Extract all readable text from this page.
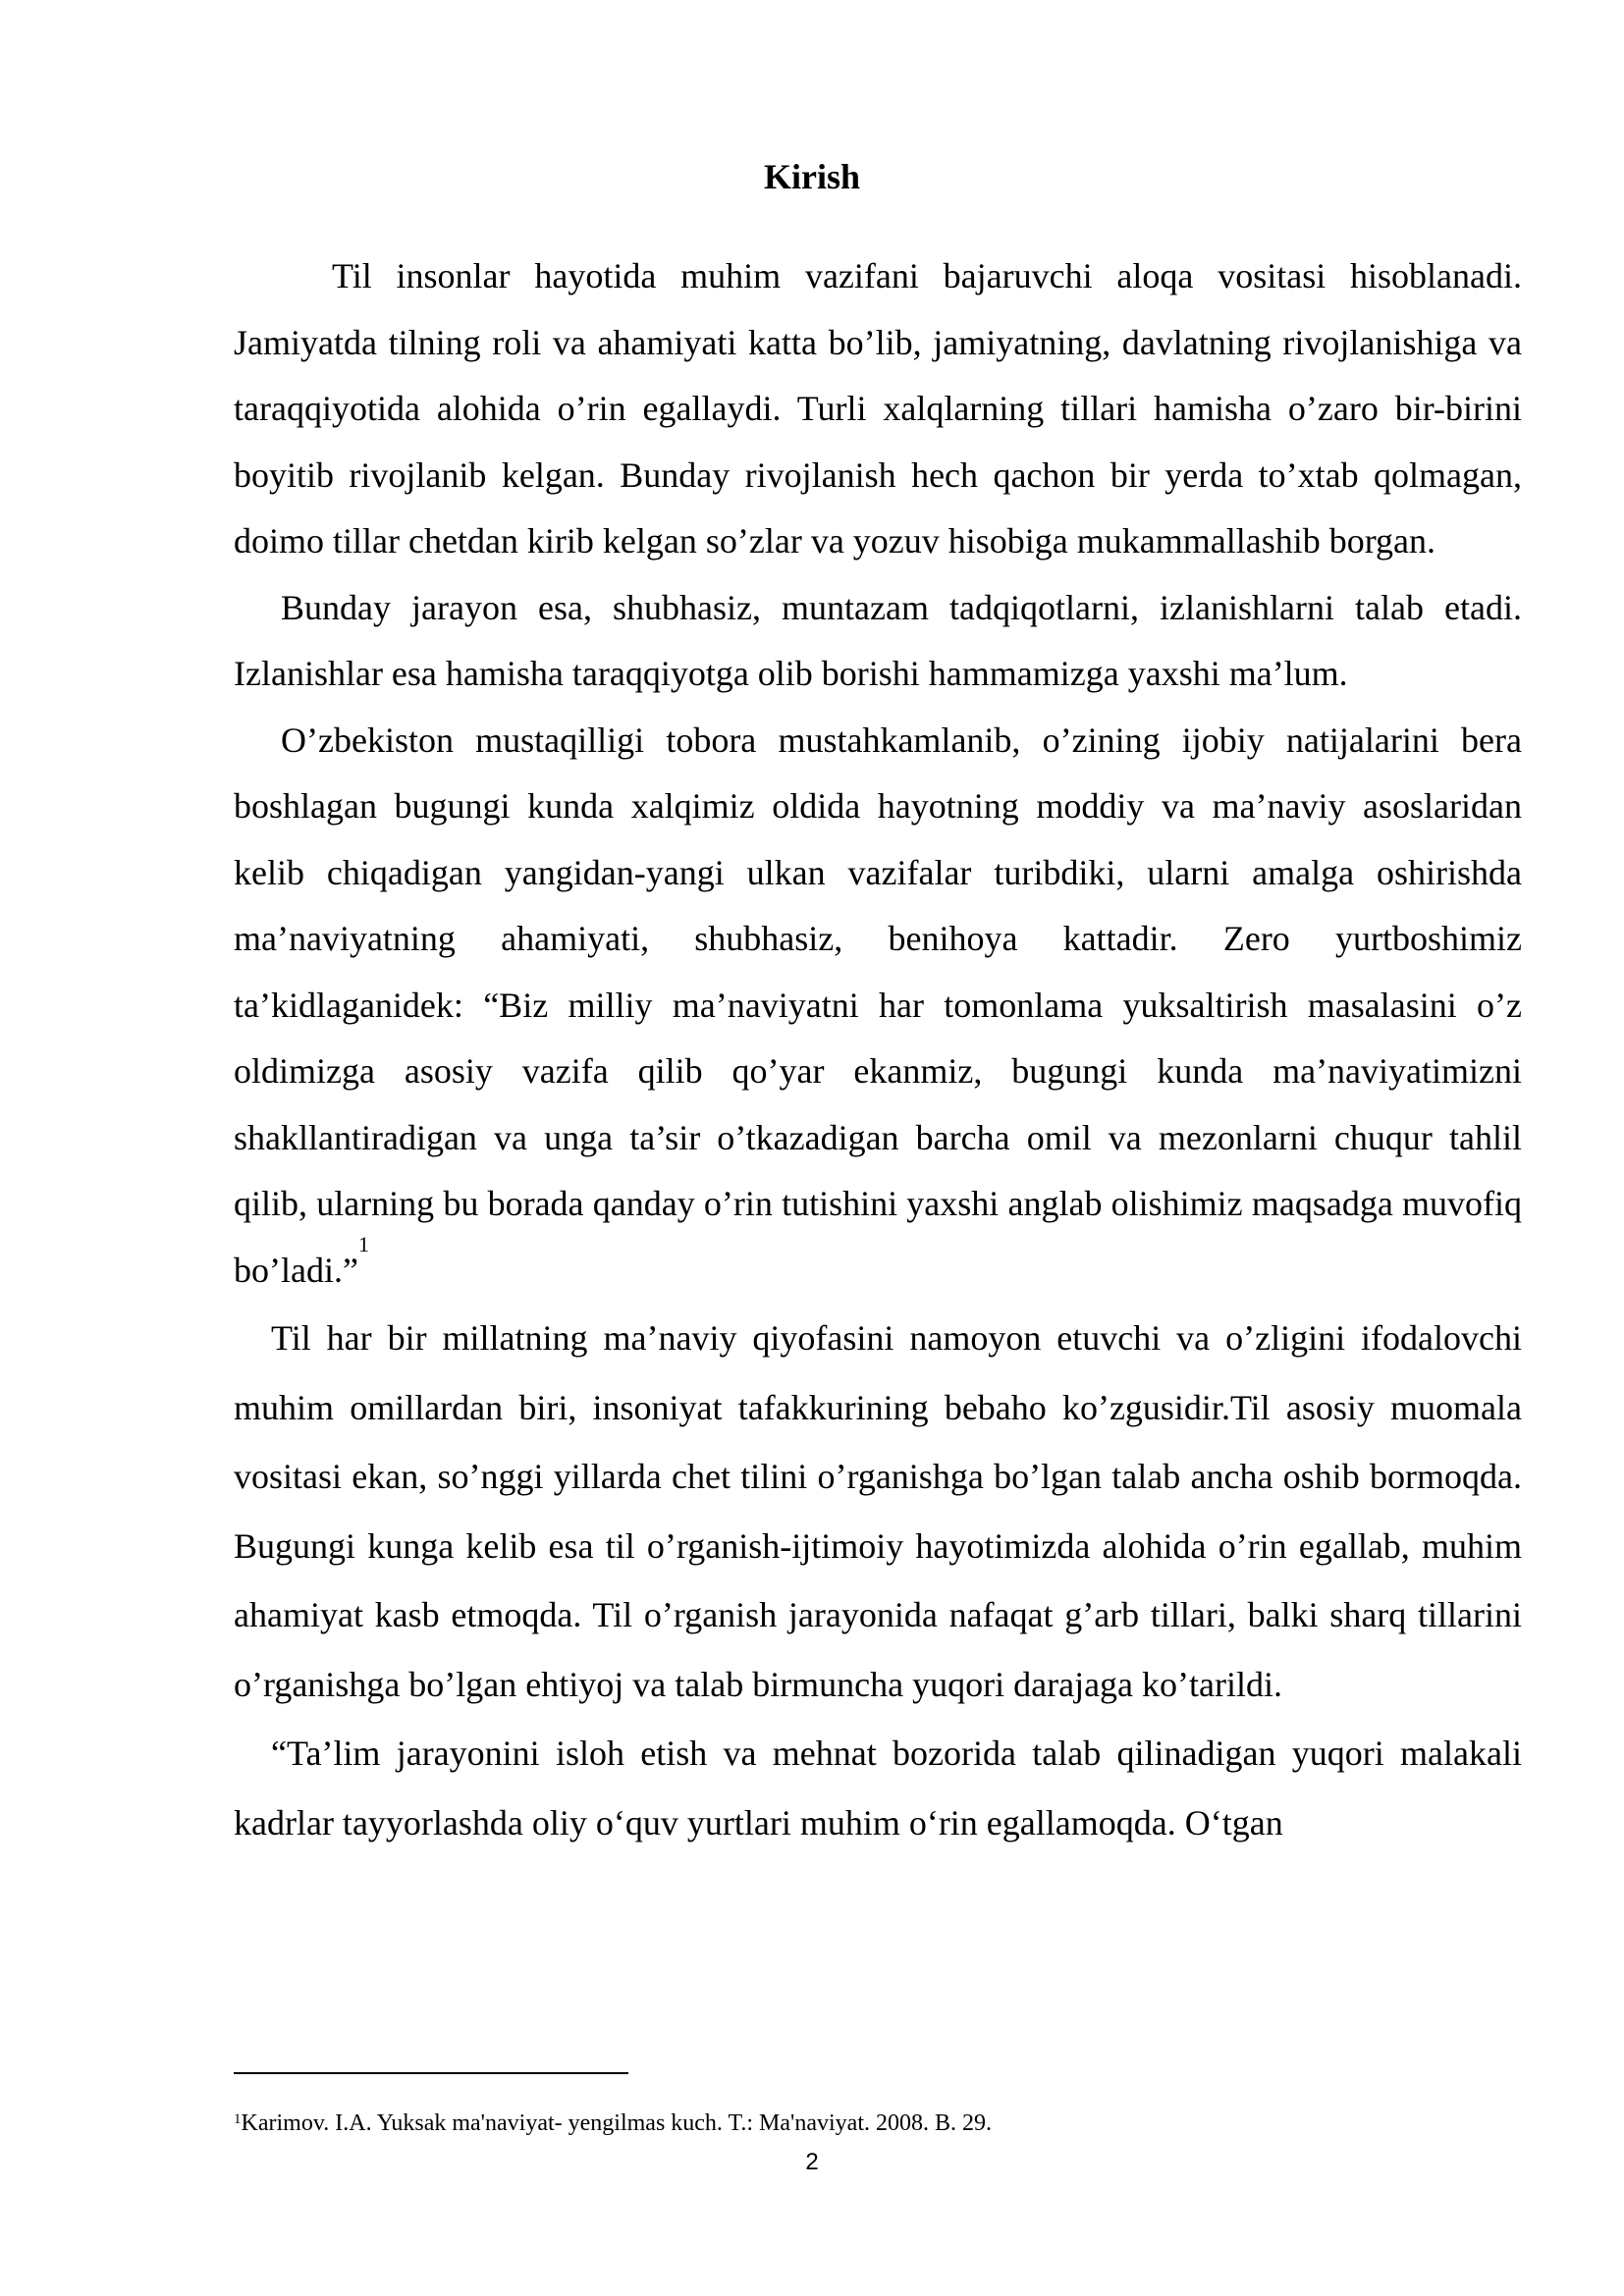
Kirish

Til insonlar hayotida muhim vazifani bajaruvchi aloqa vositasi hisoblanadi. Jamiyatda tilning roli va ahamiyati katta bo’lib, jamiyatning, davlatning rivojlanishiga va taraqqiyotida alohida o’rin egallaydi. Turli xalqlarning tillari hamisha o’zaro bir-birini boyitib rivojlanib kelgan. Bunday rivojlanish hech qachon bir yerda to’xtab qolmagan, doimo tillar chetdan kirib kelgan so’zlar va yozuv hisobiga mukammallashib borgan.

Bunday jarayon esa, shubhasiz, muntazam tadqiqotlarni, izlanishlarni talab etadi. Izlanishlar esa hamisha taraqqiyotga olib borishi hammamizga yaxshi ma’lum.

O’zbekiston mustaqilligi tobora mustahkamlanib, o’zining ijobiy natijalarini bera boshlagan bugungi kunda xalqimiz oldida hayotning moddiy va ma’naviy asoslaridan kelib chiqadigan yangidan-yangi ulkan vazifalar turibdiki, ularni amalga oshirishda ma’naviyatning ahamiyati, shubhasiz, benihoya kattadir. Zero yurtboshimiz ta’kidlaganidek: “Biz milliy ma’naviyatni har tomonlama yuksaltirish masalasini o’z oldimizga asosiy vazifa qilib qo’yar ekanmiz, bugungi kunda ma’naviyatimizni shakllantiradigan va unga ta’sir o’tkazadigan barcha omil va mezonlarni chuqur tahlil qilib, ularning bu borada qanday o’rin tutishini yaxshi anglab olishimiz maqsadga muvofiq bo’ladi.”$^1$

Til har bir millatning maʼnaviy qiyofasini namoyon etuvchi va oʼzligini ifodalovchi muhim omillardan biri, insoniyat tafakkurining bebaho koʼzgusidir.Til asosiy muomala vositasi ekan, soʼnggi yillarda chet tilini oʼrganishga boʼlgan talab ancha oshib bormoqda. Bugungi kunga kelib esa til oʼrganish-ijtimoiy hayotimizda alohida oʼrin egallab, muhim ahamiyat kasb etmoqda. Til oʼrganish jarayonida nafaqat gʼarb tillari, balki sharq tillarini oʼrganishga boʼlgan ehtiyoj va talab birmuncha yuqori darajaga koʼtarildi.

“Ta’lim jarayonini isloh etish va mehnat bozorida talab qilinadigan yuqori malakali kadrlar tayyorlashda oliy o‘quv yurtlari muhim o‘rin egallamoqda. O‘tgan

$^1$Karimov. I.A. Yuksak ma'naviyat- yengilmas kuch. T.: Ma'naviyat. 2008. B. 29.
2
